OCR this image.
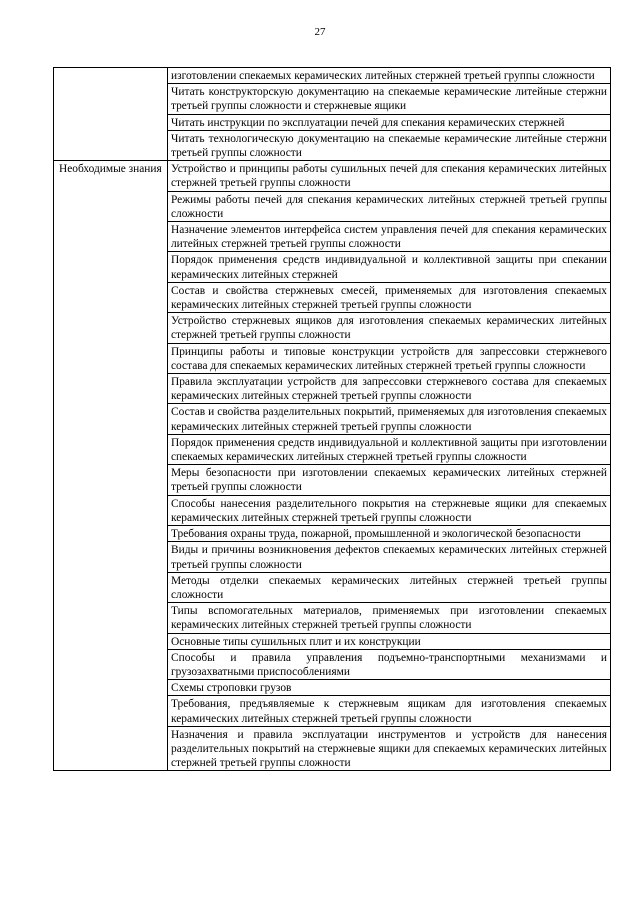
27
	изготовлении спекаемых керамических литейных стержней третьей группы сложности
	Читать конструкторскую документацию на спекаемые керамические литейные стержни третьей группы сложности и стержневые ящики
	Читать инструкции по эксплуатации печей для спекания керамических стержней
	Читать технологическую документацию на спекаемые керамические литейные стержни третьей группы сложности
Необходимые знания	Устройство и принципы работы сушильных печей для спекания керамических литейных стержней третьей группы сложности
	Режимы работы печей для спекания керамических литейных стержней третьей группы сложности
	Назначение элементов интерфейса систем управления печей для спекания керамических литейных стержней третьей группы сложности
	Порядок применения средств индивидуальной и коллективной защиты при спекании керамических литейных стержней
	Состав и свойства стержневых смесей, применяемых для изготовления спекаемых керамических литейных стержней третьей группы сложности
	Устройство стержневых ящиков для изготовления спекаемых керамических литейных стержней третьей группы сложности
	Принципы работы и типовые конструкции устройств для запрессовки стержневого состава для спекаемых керамических литейных стержней третьей группы сложности
	Правила эксплуатации устройств для запрессовки стержневого состава для спекаемых керамических литейных стержней третьей группы сложности
	Состав и свойства разделительных покрытий, применяемых для изготовления спекаемых керамических литейных стержней третьей группы сложности
	Порядок применения средств индивидуальной и коллективной защиты при изготовлении спекаемых керамических литейных стержней третьей группы сложности
	Меры безопасности при изготовлении спекаемых керамических литейных стержней третьей группы сложности
	Способы нанесения разделительного покрытия на стержневые ящики для спекаемых керамических литейных стержней третьей группы сложности
	Требования охраны труда, пожарной, промышленной и экологической безопасности
	Виды и причины возникновения дефектов спекаемых керамических литейных стержней третьей группы сложности
	Методы отделки спекаемых керамических литейных стержней третьей группы сложности
	Типы вспомогательных материалов, применяемых при изготовлении спекаемых керамических литейных стержней третьей группы сложности
	Основные типы сушильных плит и их конструкции
	Способы и правила управления подъемно-транспортными механизмами и грузозахватными приспособлениями
	Схемы строповки грузов
	Требования, предъявляемые к стержневым ящикам для изготовления спекаемых керамических литейных стержней третьей группы сложности
	Назначения и правила эксплуатации инструментов и устройств для нанесения разделительных покрытий на стержневые ящики для спекаемых керамических литейных стержней третьей группы сложности
